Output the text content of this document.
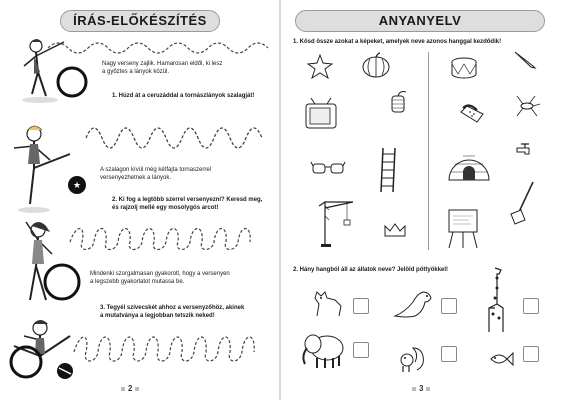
ÍRÁS-ELŐKÉSZÍTÉS
Nagy verseny zajlik. Hamarosan eldől, ki lesz
a győztes a lányok közül.
1. Húzd át a ceruzáddal a tornászlányok szalagját!
★
A szalagon kívül még kétfajta tornaszerrel
versenyezhetnek a lányok.
2. Ki fog a legtöbb szerrel versenyezni? Keresd meg,
és rajzolj mellé egy mosolygós arcot!
Mindenki szorgalmasan gyakorolt, hogy a versenyen
a legszebb gyakorlatot mutassa be.
3. Tegyél szívecskét ahhoz a versenyzőhöz, akinek
a mutatványa a legjobban tetszik neked!
2
ANYANYELV
1. Kösd össze azokat a képeket, amelyek neve azonos hanggal kezdődik!
2. Hány hangból áll az állatok neve? Jelöld pöttyökkel!
3
